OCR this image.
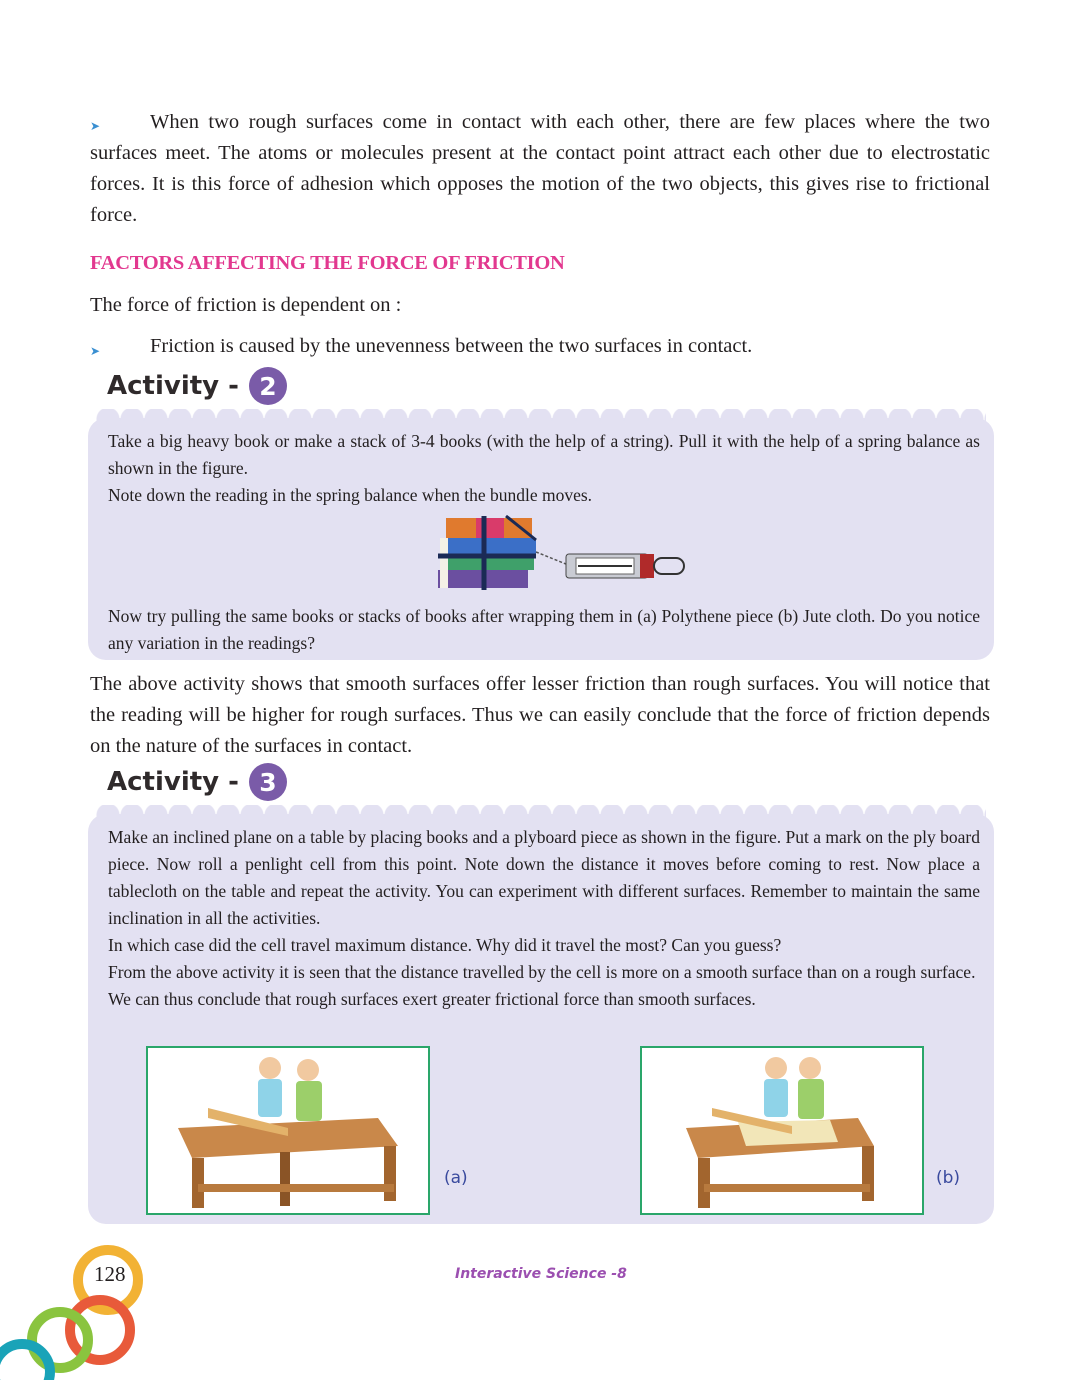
➤	When two rough surfaces come in contact with each other, there are few places where the two surfaces meet. The atoms or molecules present at the contact point attract each other due to electrostatic forces. It is this force of adhesion which opposes the motion of the two objects, this gives rise to frictional force.

FACTORS AFFECTING THE FORCE OF FRICTION

The force of friction is dependent on :

➤ Friction is caused by the unevenness between the two surfaces in contact.

Activity - 2

Take a big heavy book or make a stack of 3-4 books (with the help of a string). Pull it with the help of a spring balance as shown in the figure.

Note down the reading in the spring balance when the bundle moves.

Now try pulling the same books or stacks of books after wrapping them in (a) Polythene piece (b) Jute cloth. Do you notice any variation in the readings?

The above activity shows that smooth surfaces offer lesser friction than rough surfaces. You will notice that the reading will be higher for rough surfaces. Thus we can easily conclude that the force of friction depends on the nature of the surfaces in contact.

Activity - 3

Make an inclined plane on a table by placing books and a plyboard piece as shown in the figure. Put a mark on the ply board piece. Now roll a penlight cell from this point. Note down the distance it moves before coming to rest. Now place a tablecloth on the table and repeat the activity. You can experiment with different surfaces. Remember to maintain the same inclination in all the activities.

In which case did the cell travel maximum distance. Why did it travel the most? Can you guess?

From the above activity it is seen that the distance travelled by the cell is more on a smooth surface than on a rough surface.

We can thus conclude that rough surfaces exert greater frictional force than smooth surfaces.

(a)	(b)
128	Interactive Science -8
